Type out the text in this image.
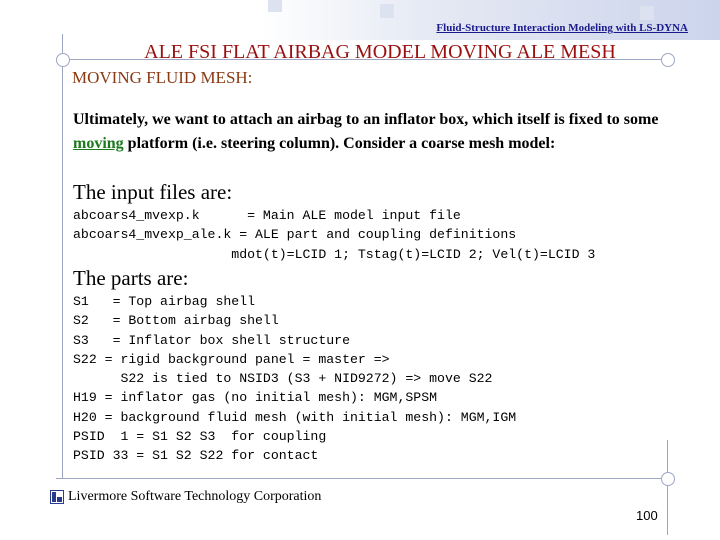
Fluid-Structure Interaction Modeling with LS-DYNA
ALE FSI FLAT AIRBAG MODEL MOVING ALE MESH
MOVING FLUID MESH:
Ultimately, we want to attach an airbag to an inflator box, which itself is fixed to some moving platform (i.e. steering column). Consider a coarse mesh model:
The input files are:
abcoars4_mvexp.k      = Main ALE model input file
abcoars4_mvexp_ale.k = ALE part and coupling definitions
mdot(t)=LCID 1; Tstag(t)=LCID 2; Vel(t)=LCID 3
The parts are:
S1   = Top airbag shell
S2   = Bottom airbag shell
S3   = Inflator box shell structure
S22 = rigid background panel = master =>
S22 is tied to NSID3 (S3 + NID9272) => move S22
H19 = inflator gas (no initial mesh): MGM,SPSM
H20 = background fluid mesh (with initial mesh): MGM,IGM
PSID  1 = S1 S2 S3  for coupling
PSID 33 = S1 S2 S22 for contact
Livermore Software Technology Corporation
100
